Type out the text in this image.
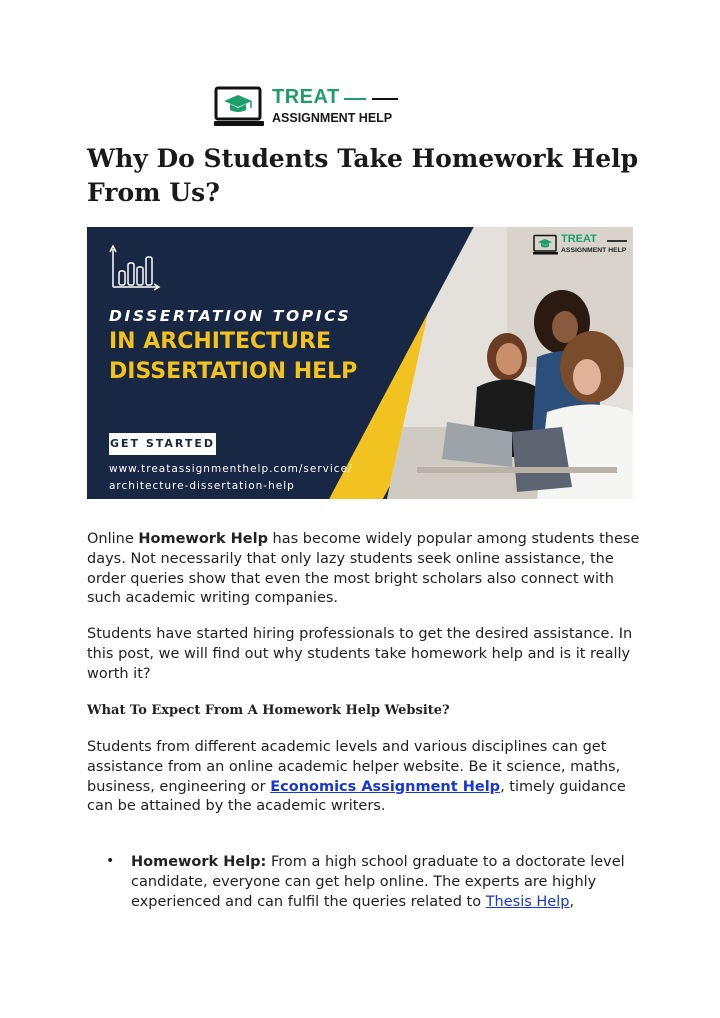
TREAT
ASSIGNMENT HELP
Why Do Students Take Homework Help From Us?
DISSERTATION TOPICS
IN ARCHITECTURE DISSERTATION HELP
GET STARTED
www.treatassignmenthelp.com/service/
architecture-dissertation-help
TREAT
ASSIGNMENT HELP

Online Homework Help has become widely popular among students these days. Not necessarily that only lazy students seek online assistance, the order queries show that even the most bright scholars also connect with such academic writing companies.

Students have started hiring professionals to get the desired assistance. In this post, we will find out why students take homework help and is it really worth it?

What To Expect From A Homework Help Website?

Students from different academic levels and various disciplines can get assistance from an online academic helper website. Be it science, maths, business, engineering or Economics Assignment Help, timely guidance can be attained by the academic writers.

• Homework Help: From a high school graduate to a doctorate level candidate, everyone can get help online. The experts are highly experienced and can fulfil the queries related to Thesis Help,
